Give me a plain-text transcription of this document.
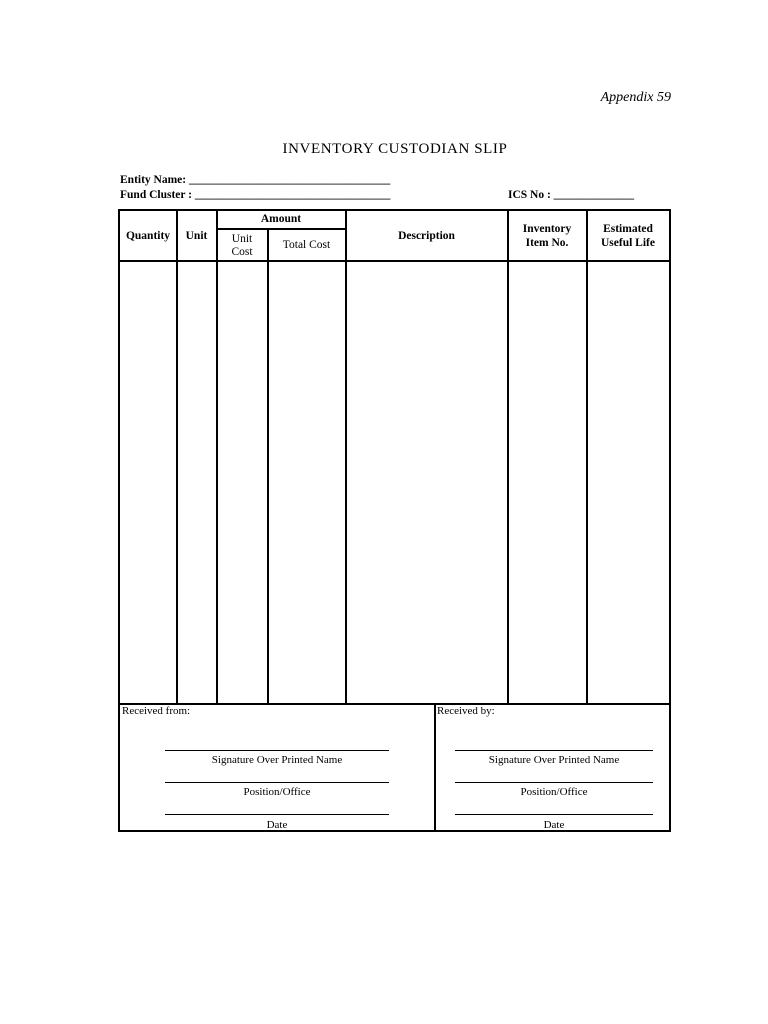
Appendix 59
INVENTORY CUSTODIAN SLIP
Entity Name: ___________________________________
Fund Cluster : __________________________________	ICS No : ______________
Quantity	Unit
Amount
Unit
Cost
Total Cost
Description
Inventory
Item No.
Estimated
Useful Life
Received from:
Signature Over Printed Name
Position/Office
Date
Received by:
Signature Over Printed Name
Position/Office
Date
